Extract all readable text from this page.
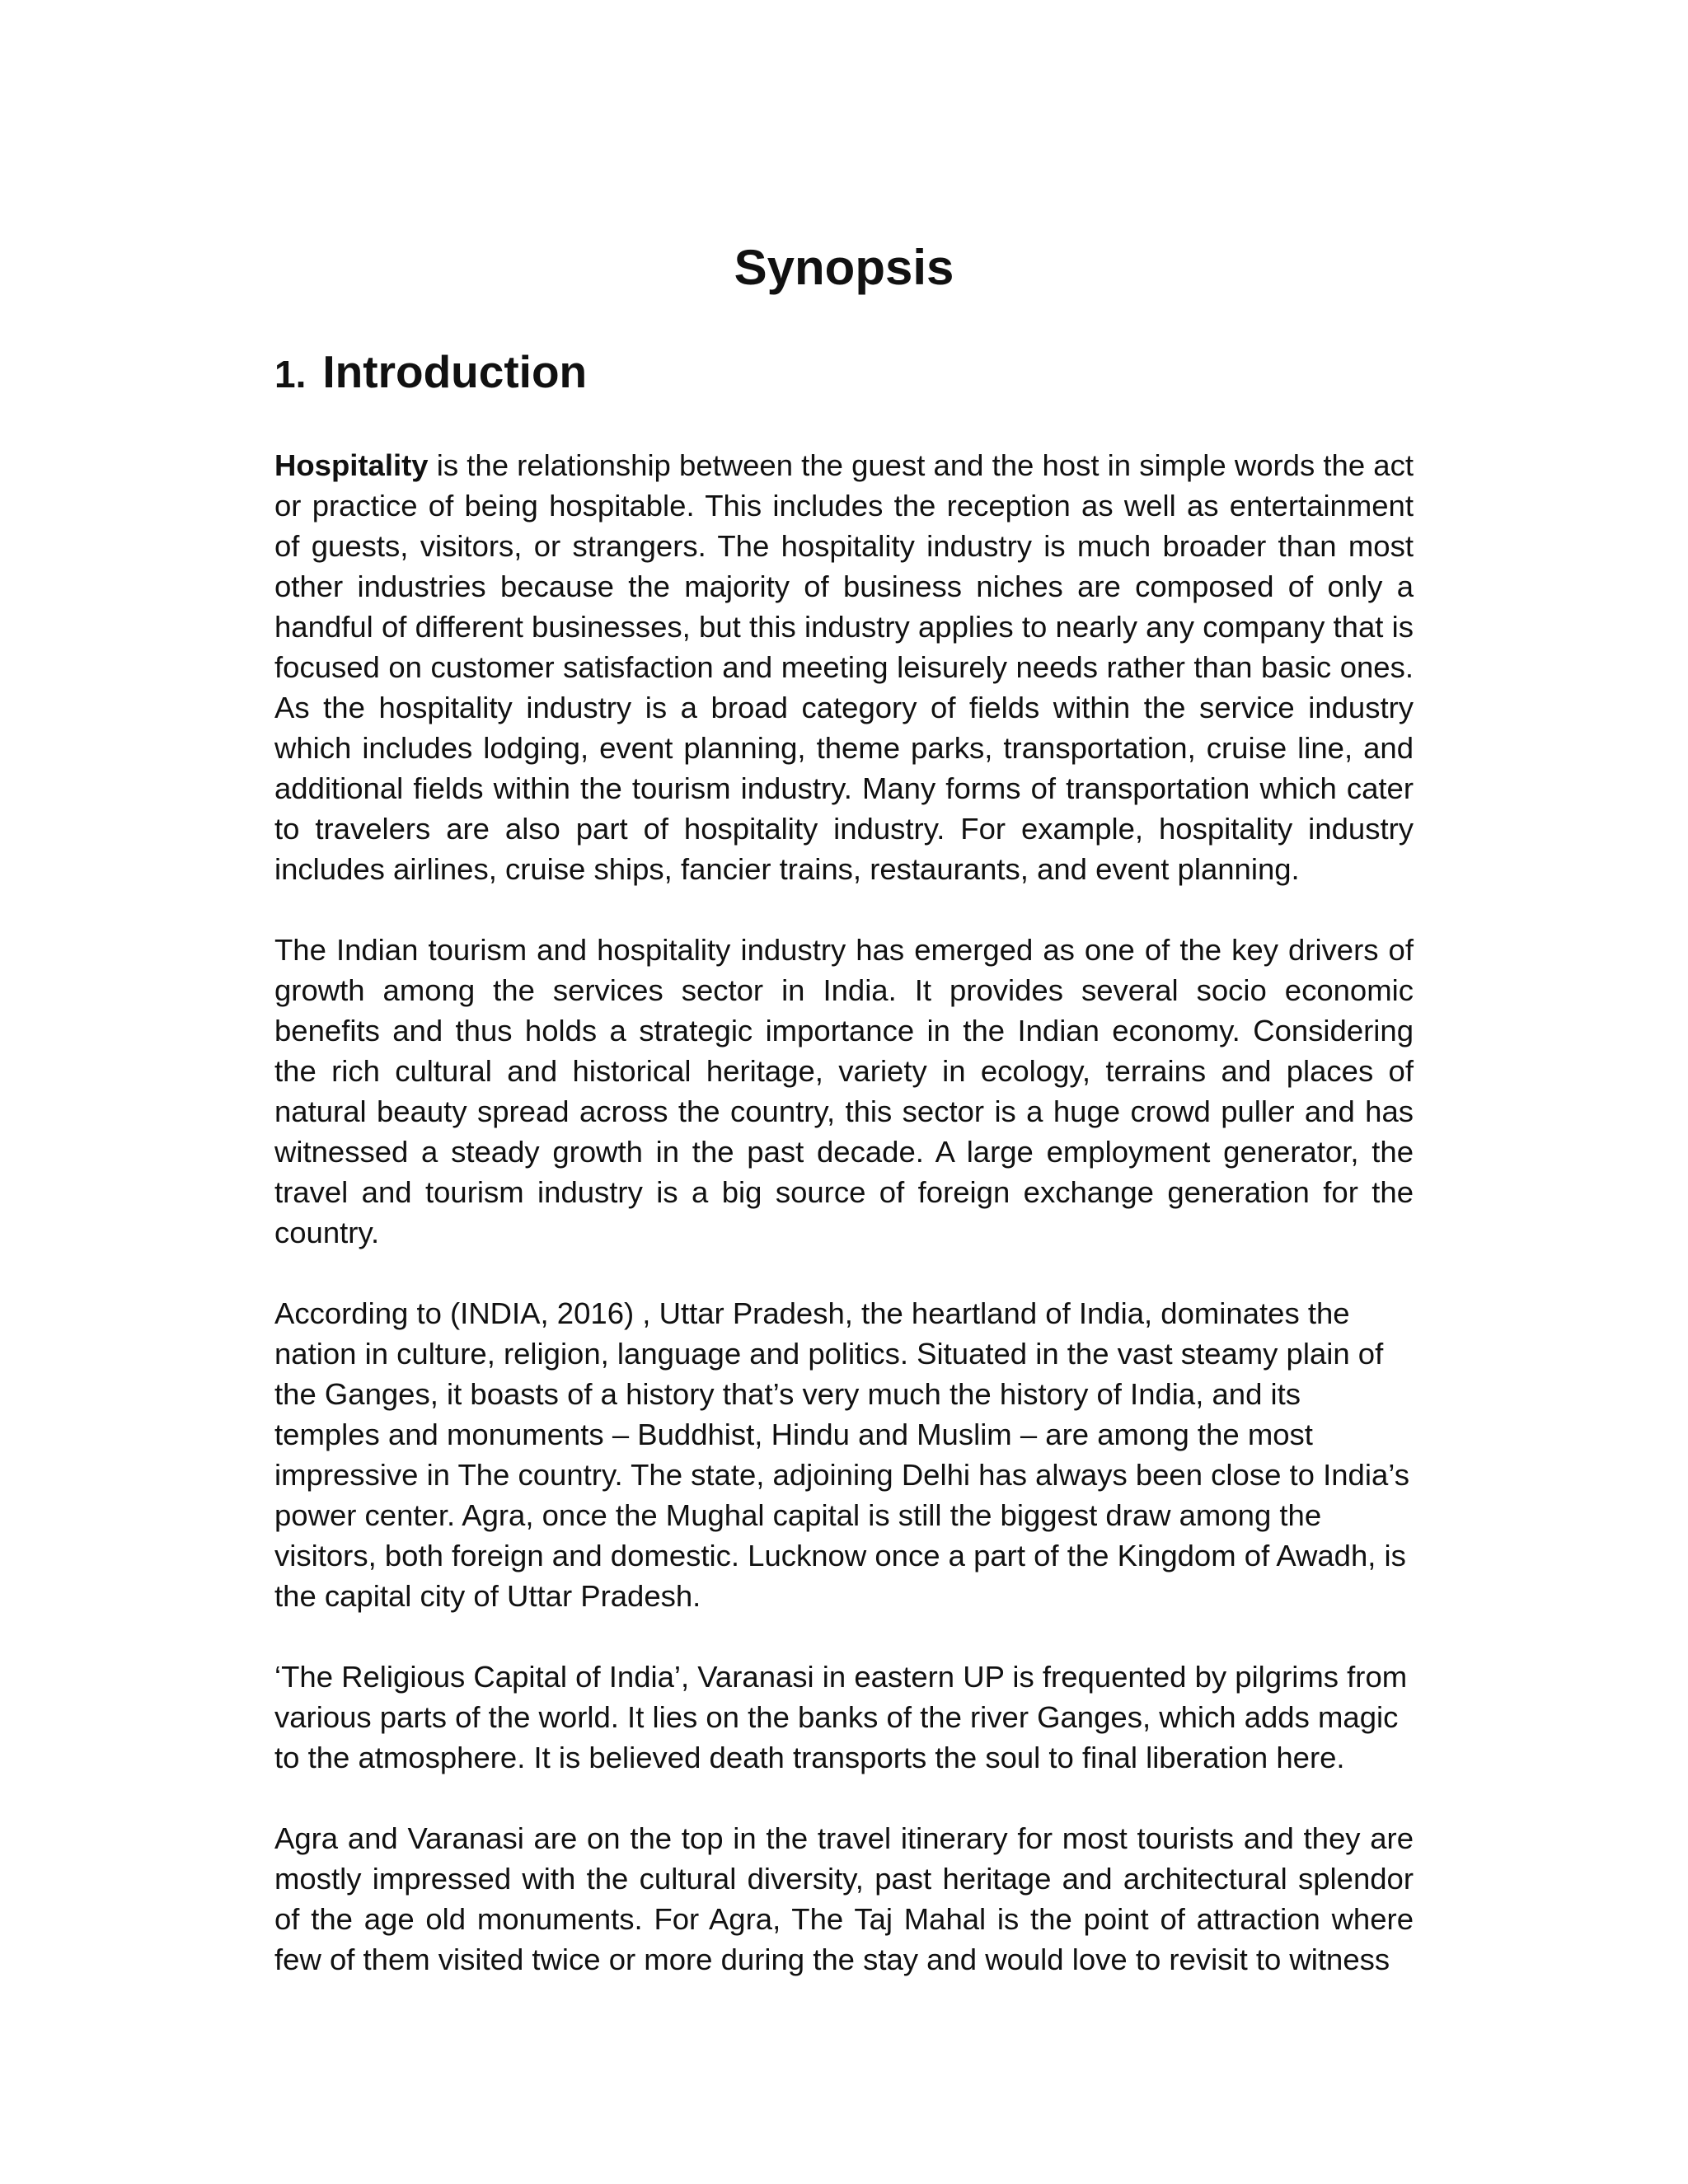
Synopsis
1. Introduction

Hospitality is the relationship between the guest and the host in simple words the act or practice of being hospitable. This includes the reception as well as entertainment of guests, visitors, or strangers. The hospitality industry is much broader than most other industries because the majority of business niches are composed of only a handful of different businesses, but this industry applies to nearly any company that is focused on customer satisfaction and meeting leisurely needs rather than basic ones. As the hospitality industry is a broad category of fields within the service industry which includes lodging, event planning, theme parks, transportation, cruise line, and additional fields within the tourism industry. Many forms of transportation which cater to travelers are also part of hospitality industry. For example, hospitality industry includes airlines, cruise ships, fancier trains, restaurants, and event planning.

The Indian tourism and hospitality industry has emerged as one of the key drivers of growth among the services sector in India. It provides several socio economic benefits and thus holds a strategic importance in the Indian economy. Considering the rich cultural and historical heritage, variety in ecology, terrains and places of natural beauty spread across the country, this sector is a huge crowd puller and has witnessed a steady growth in the past decade. A large employment generator, the travel and tourism industry is a big source of foreign exchange generation for the country.

According to (INDIA, 2016) , Uttar Pradesh, the heartland of India, dominates the nation in culture, religion, language and politics. Situated in the vast steamy plain of the Ganges, it boasts of a history that’s very much the history of India, and its temples and monuments – Buddhist, Hindu and Muslim – are among the most impressive in The country. The state, adjoining Delhi has always been close to India’s power center. Agra, once the Mughal capital is still the biggest draw among the visitors, both foreign and domestic. Lucknow once a part of the Kingdom of Awadh, is the capital city of Uttar Pradesh.

‘The Religious Capital of India’, Varanasi in eastern UP is frequented by pilgrims from various parts of the world. It lies on the banks of the river Ganges, which adds magic to the atmosphere. It is believed death transports the soul to final liberation here.

Agra and Varanasi are on the top in the travel itinerary for most tourists and they are mostly impressed with the cultural diversity, past heritage and architectural splendor of the age old monuments. For Agra, The Taj Mahal is the point of attraction where few of them visited twice or more during the stay and would love to revisit to witness
